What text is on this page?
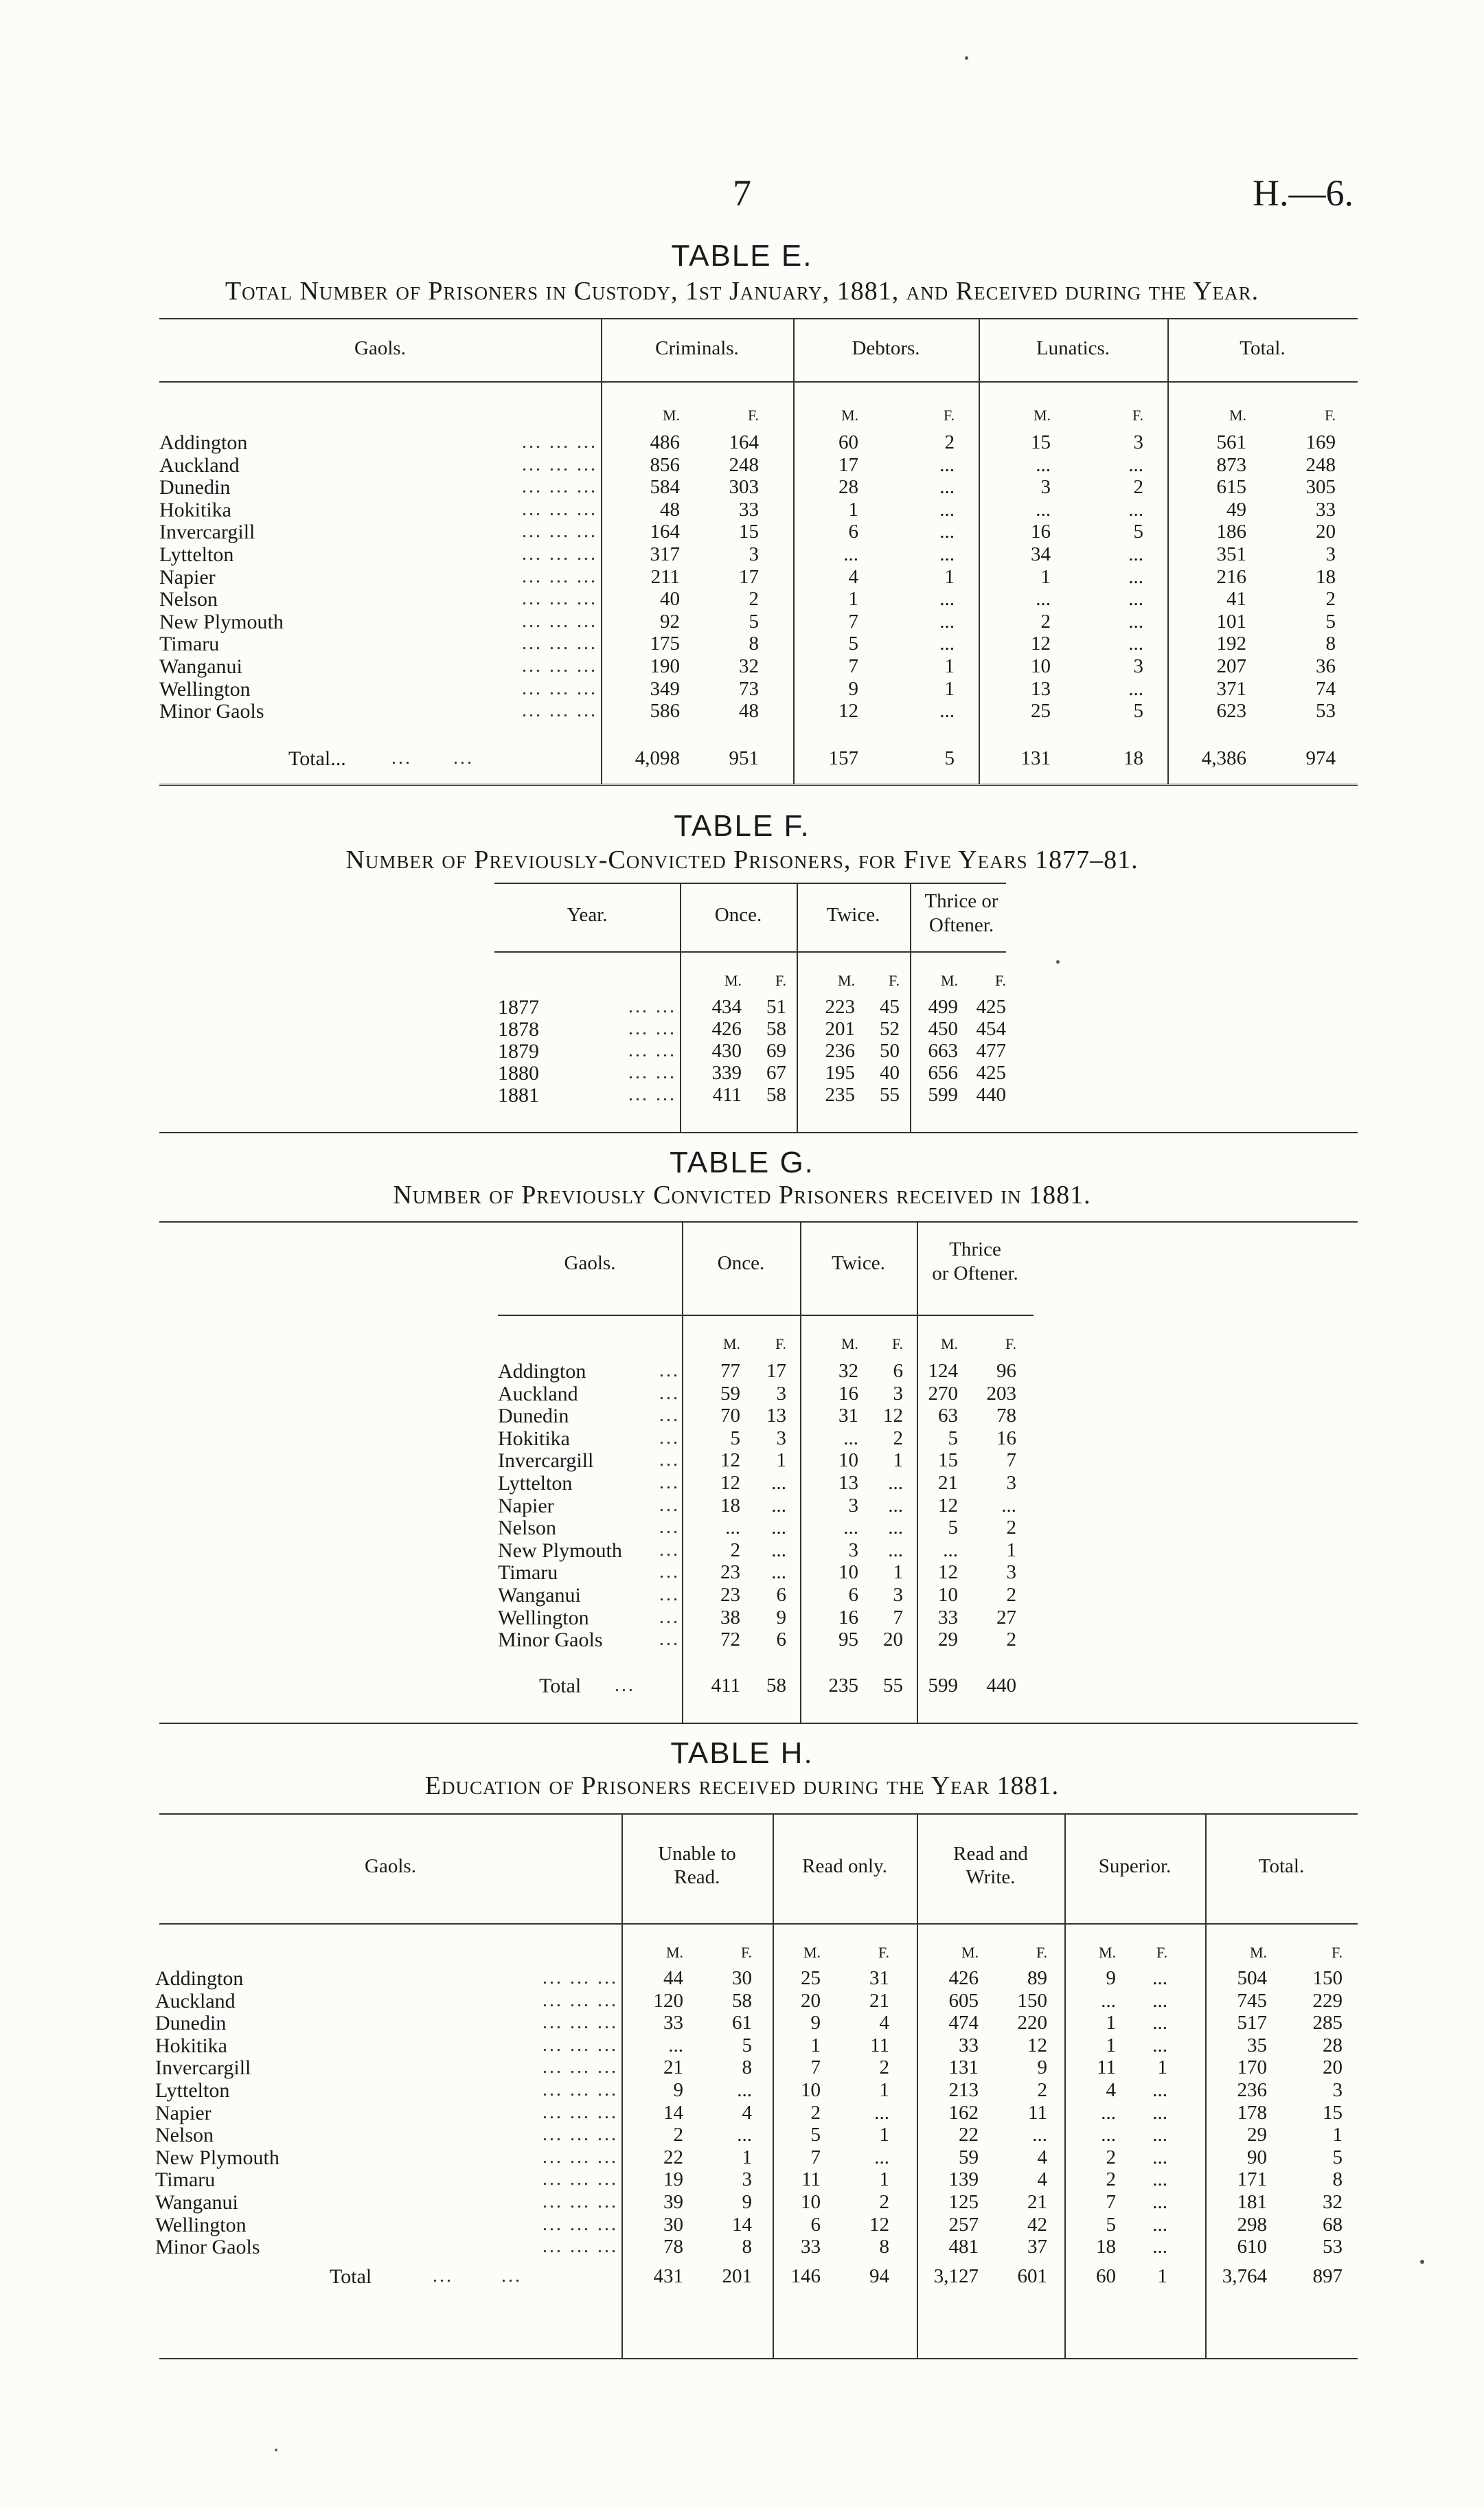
7	H.—6.
TABLE E.
Total Number of Prisoners in Custody, 1st January, 1881, and Received during the Year.
Gaols.	Criminals.	Debtors.	Lunatics.	Total.
M.	F.	M.	F.	M.	F.	M.	F.
Addington	... ... ...	486	164	60	2	15	3	561	169
Auckland	... ... ...	856	248	17	...	...	...	873	248
Dunedin	... ... ...	584	303	28	...	3	2	615	305
Hokitika	... ... ...	48	33	1	...	...	...	49	33
Invercargill	... ... ...	164	15	6	...	16	5	186	20
Lyttelton	... ... ...	317	3	...	...	34	...	351	3
Napier	... ... ...	211	17	4	1	1	...	216	18
Nelson	... ... ...	40	2	1	...	...	...	41	2
New Plymouth	... ... ...	92	5	7	...	2	...	101	5
Timaru	... ... ...	175	8	5	...	12	...	192	8
Wanganui	... ... ...	190	32	7	1	10	3	207	36
Wellington	... ... ...	349	73	9	1	13	...	371	74
Minor Gaols	... ... ...	586	48	12	...	25	5	623	53
Total... ...      ...	4,098	951	157	5	131	18	4,386	974
TABLE F.
Number of Previously-Convicted Prisoners, for Five Years 1877–81.
Year.	Once.	Twice.
Thrice or
Oftener.
M.	F.	M.	F.	M.	F.
1877	... ...	434	51	223	45	499 425
1878	... ...	426	58	201	52	450 454
1879	... ...	430	69	236	50	663 477
1880	... ...	339	67	195	40	656 425
1881	... ...	411	58	235	55	599 440
TABLE G.
Number of Previously Convicted Prisoners received in 1881.
Gaols.	Once.	Twice.
Thrice
or Oftener.
M.	F.	M.	F.	M.	F.
Addington	...	77	17	32	6	124	96
Auckland	...	59	3	16	3	270	203
Dunedin	...	70	13	31	12	63	78
Hokitika	...	5	3	...	2	5	16
Invercargill	...	12	1	10	1	15	7
Lyttelton	...	12	...	13	...	21	3
Napier	...	18	...	3	...	12	...
Nelson	...	...	...	...	...	5	2
New Plymouth	...	2	...	3	...	...	1
Timaru	...	23	...	10	1	12	3
Wanganui	...	23	6	6	3	10	2
Wellington	...	38	9	16	7	33	27
Minor Gaols	...	72	6	95	20	29	2
Total ...	411	58	235	55	599	440
TABLE H.
Education of Prisoners received during the Year 1881.
Gaols.
Unable to
Read.	Read only.
Read and
Write.	Superior.	Total.
M.	F.	M.	F.	M.	F.	M.	F.	M.	F.
Addington	... ... ...	44	30	25	31	426	89	9	...	504	150
Auckland	... ... ...	120	58	20	21	605	150	...	...	745	229
Dunedin	... ... ...	33	61	9	4	474	220	1	...	517	285
Hokitika	... ... ...	...	5	1	11	33	12	1	...	35	28
Invercargill	... ... ...	21	8	7	2	131	9	11	1	170	20
Lyttelton	... ... ...	9	...	10	1	213	2	4	...	236	3
Napier	... ... ...	14	4	2	...	162	11	...	...	178	15
Nelson	... ... ...	2	...	5	1	22	...	...	...	29	1
New Plymouth	... ... ...	22	1	7	...	59	4	2	...	90	5
Timaru	... ... ...	19	3	11	1	139	4	2	...	171	8
Wanganui	... ... ...	39	9	10	2	125	21	7	...	181	32
Wellington	... ... ...	30	14	6	12	257	42	5	...	298	68
Minor Gaols	... ... ...	78	8	33	8	481	37	18	...	610	53
Total	...       ...	431	201	146	94	3,127	601	60	1	3,764	897
